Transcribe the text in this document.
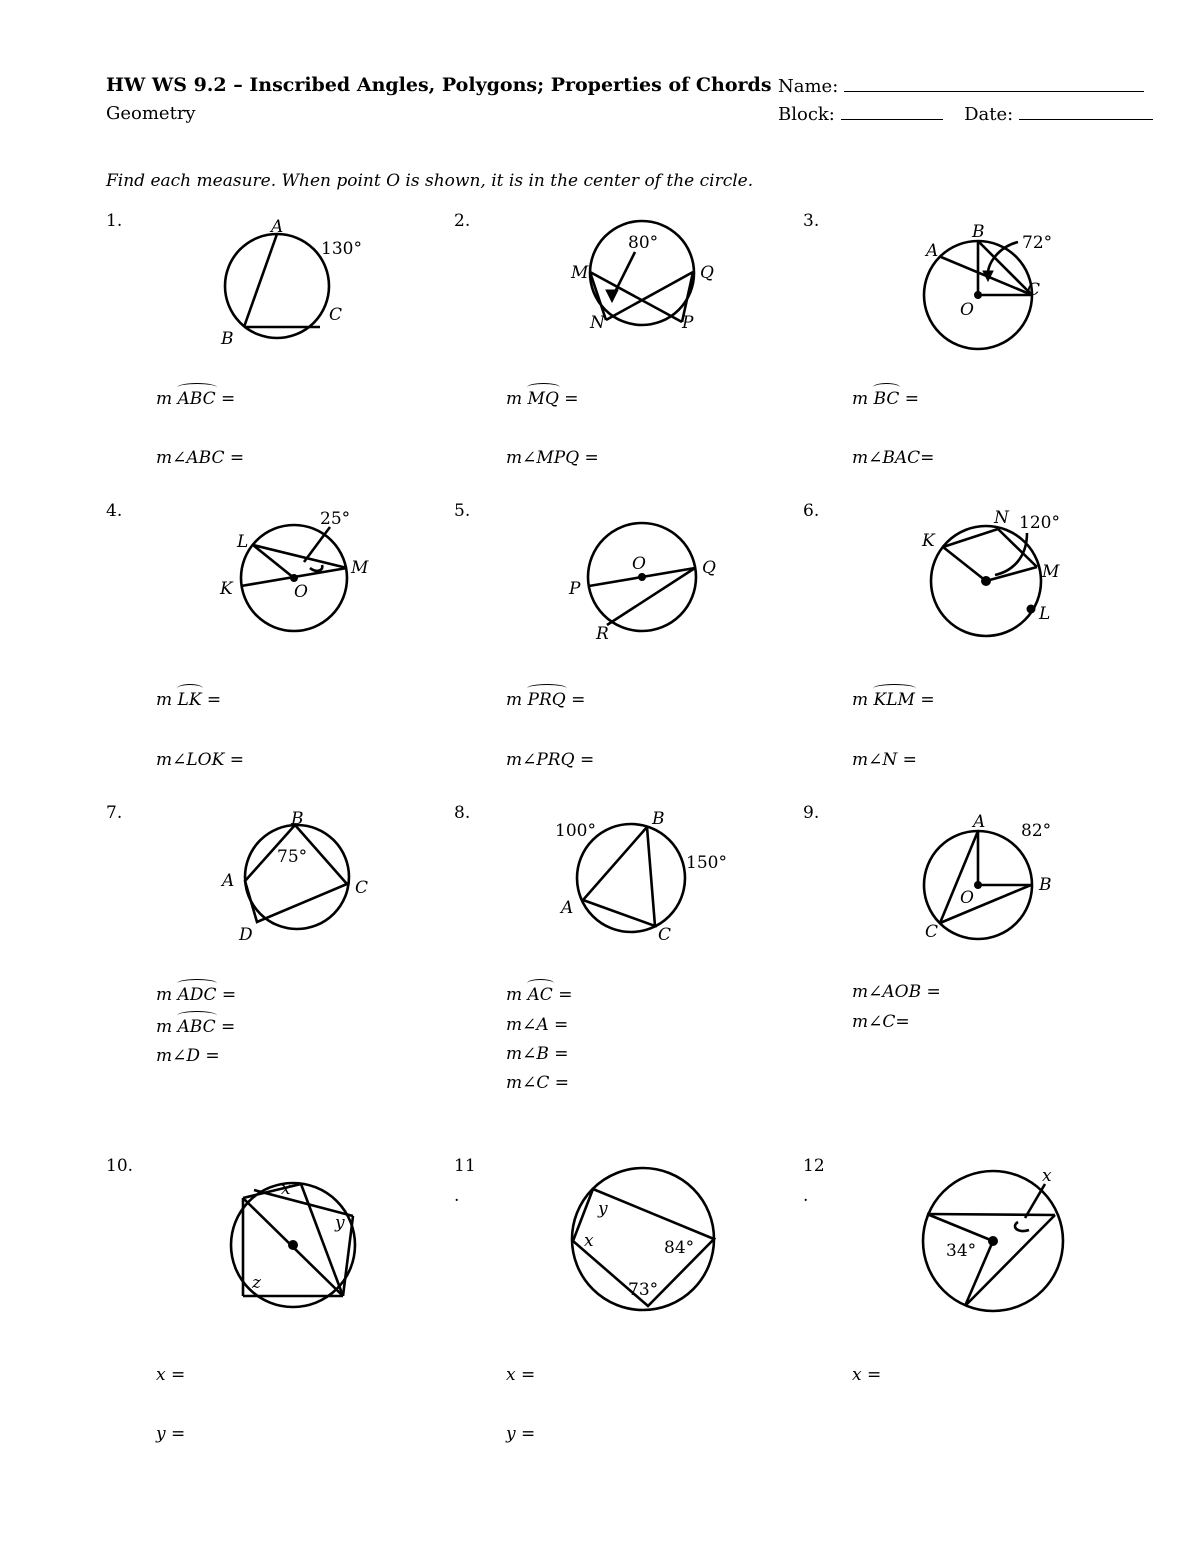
HW WS 9.2 – Inscribed Angles, Polygons; Properties of Chords
Geometry
Name:
Block:	Date:
Find each measure. When point O is shown, it is in the center of the circle.
1.	A
B
C
130°
m ABC =
m∠ABC =
2.
80°
M
N	P
Q
m MQ =
m∠MPQ =
3.
A
B
C
O
72°
m BC =
m∠BAC=
4.	25°
L
K	O
M
m LK =
m∠LOK =
5.
O
P
Q
R
m PRQ =
m∠PRQ =
6.	N
K
M
L
120°
m KLM =
m∠N =
7.	B
A	C
D
75°
m ADC =
m ABC =
m∠D =
8.
100°
150°
B
A
C
m AC =
m∠A =
m∠B =
m∠C =
9.	A
B
C
O
82°
m∠AOB =
m∠C=
10.
x
y
z
x =
y =
11
.
y
x	84°
73°
x =
y =
12
.
x
34°
x =
